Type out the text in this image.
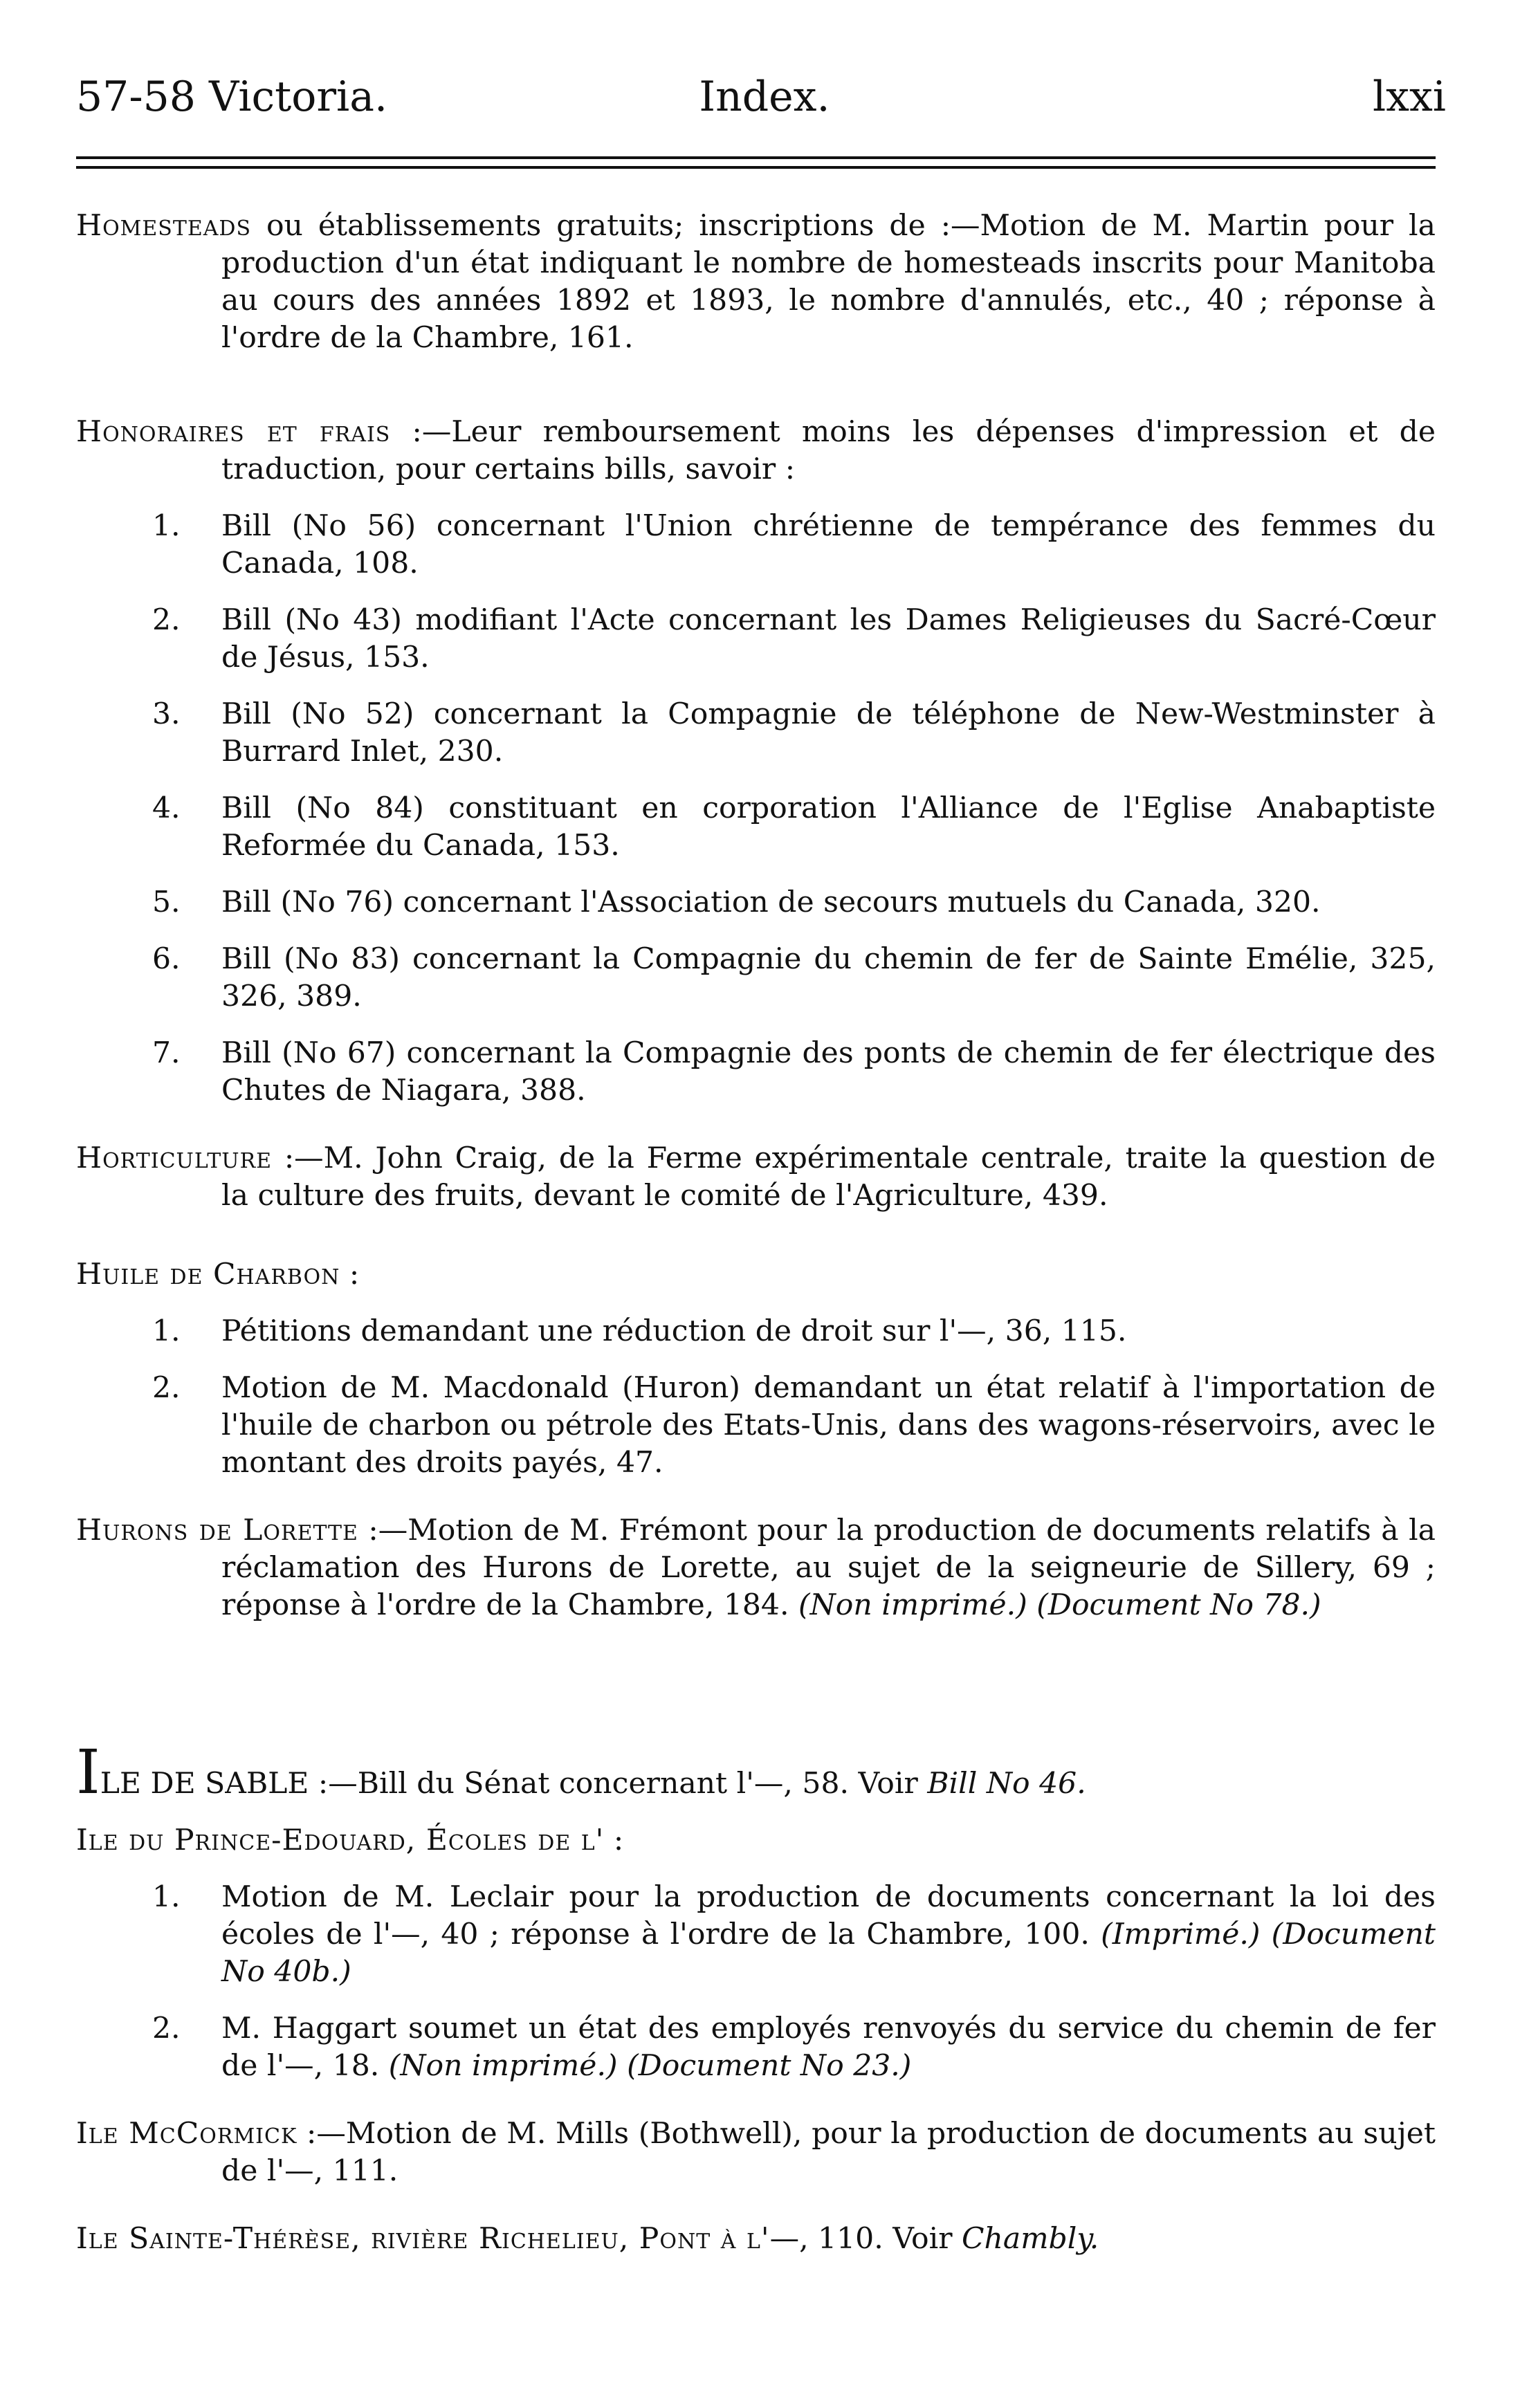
57-58 Victoria.	Index.	lxxi

Homesteads ou établissements gratuits; inscriptions de :—Motion de M. Martin pour la production d'un état indiquant le nombre de homesteads inscrits pour Manitoba au cours des années 1892 et 1893, le nombre d'annulés, etc., 40 ; réponse à l'ordre de la Chambre, 161.

Honoraires et frais :—Leur remboursement moins les dépenses d'impression et de traduction, pour certains bills, savoir :

1. Bill (No 56) concernant l'Union chrétienne de tempérance des femmes du Canada, 108.
2. Bill (No 43) modifiant l'Acte concernant les Dames Religieuses du Sacré-Cœur de Jésus, 153.
3. Bill (No 52) concernant la Compagnie de téléphone de New-Westminster à Burrard Inlet, 230.
4. Bill (No 84) constituant en corporation l'Alliance de l'Eglise Anabaptiste Reformée du Canada, 153.
5. Bill (No 76) concernant l'Association de secours mutuels du Canada, 320.
6. Bill (No 83) concernant la Compagnie du chemin de fer de Sainte Emélie, 325, 326, 389.
7. Bill (No 67) concernant la Compagnie des ponts de chemin de fer électrique des Chutes de Niagara, 388.

Horticulture :—M. John Craig, de la Ferme expérimentale centrale, traite la question de la culture des fruits, devant le comité de l'Agriculture, 439.

Huile de Charbon :

1. Pétitions demandant une réduction de droit sur l'—, 36, 115.
2. Motion de M. Macdonald (Huron) demandant un état relatif à l'importation de l'huile de charbon ou pétrole des Etats-Unis, dans des wagons-réservoirs, avec le montant des droits payés, 47.

Hurons de Lorette :—Motion de M. Frémont pour la production de documents relatifs à la réclamation des Hurons de Lorette, au sujet de la seigneurie de Sillery, 69 ; réponse à l'ordre de la Chambre, 184. (Non imprimé.) (Document No 78.)

ILE DE SABLE :—Bill du Sénat concernant l'—, 58. Voir Bill No 46.

Ile du Prince-Edouard, Écoles de l' :

1. Motion de M. Leclair pour la production de documents concernant la loi des écoles de l'—, 40 ; réponse à l'ordre de la Chambre, 100. (Imprimé.) (Document No 40b.)
2. M. Haggart soumet un état des employés renvoyés du service du chemin de fer de l'—, 18. (Non imprimé.) (Document No 23.)

Ile McCormick :—Motion de M. Mills (Bothwell), pour la production de documents au sujet de l'—, 111.

Ile Sainte-Thérèse, rivière Richelieu, Pont à l'—, 110. Voir Chambly.
